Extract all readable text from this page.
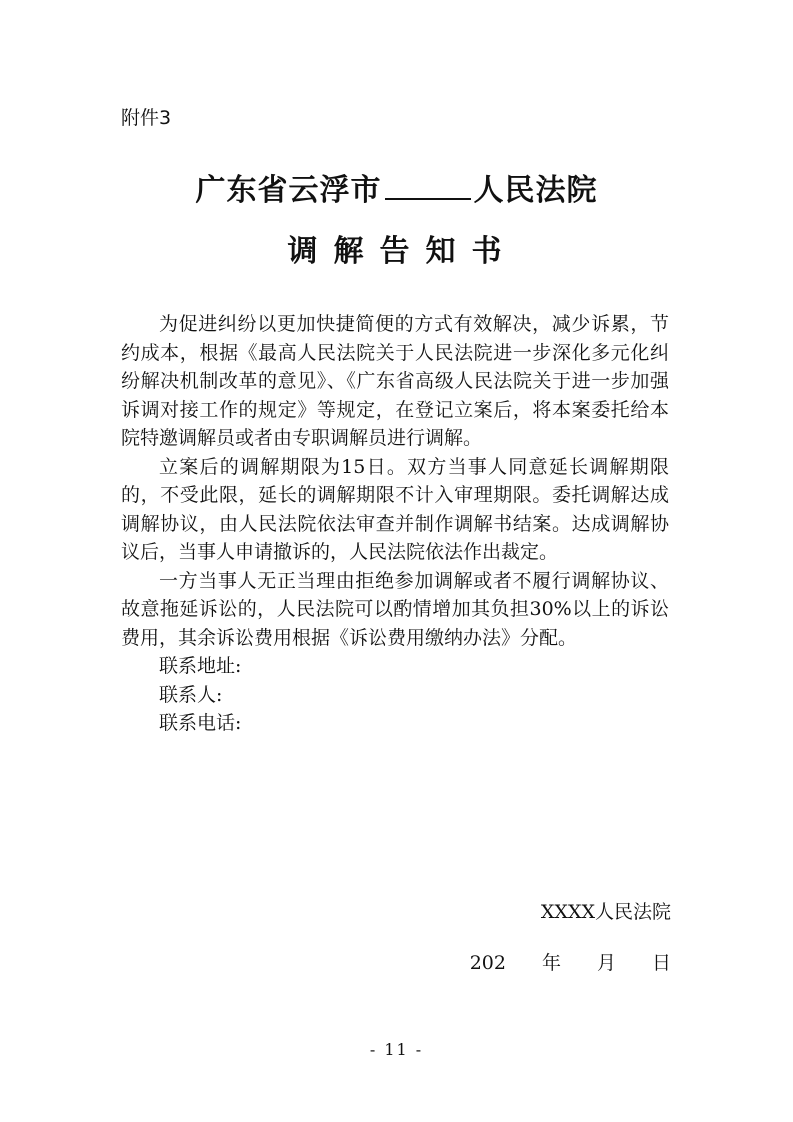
附件3

广东省云浮市	人民法院
调解告知书

为促进纠纷以更加快捷简便的方式有效解决，减少诉累，节约成本，根据《最高人民法院关于人民法院进一步深化多元化纠纷解决机制改革的意见》、《广东省高级人民法院关于进一步加强诉调对接工作的规定》等规定，在登记立案后，将本案委托给本院特邀调解员或者由专职调解员进行调解。

立案后的调解期限为15日。双方当事人同意延长调解期限的，不受此限，延长的调解期限不计入审理期限。委托调解达成调解协议，由人民法院依法审查并制作调解书结案。达成调解协议后，当事人申请撤诉的，人民法院依法作出裁定。

一方当事人无正当理由拒绝参加调解或者不履行调解协议、故意拖延诉讼的，人民法院可以酌情增加其负担30%以上的诉讼费用，其余诉讼费用根据《诉讼费用缴纳办法》分配。

联系地址:

联系人:

联系电话:

XXXX人民法院

202 年 月 日

- 11 -
